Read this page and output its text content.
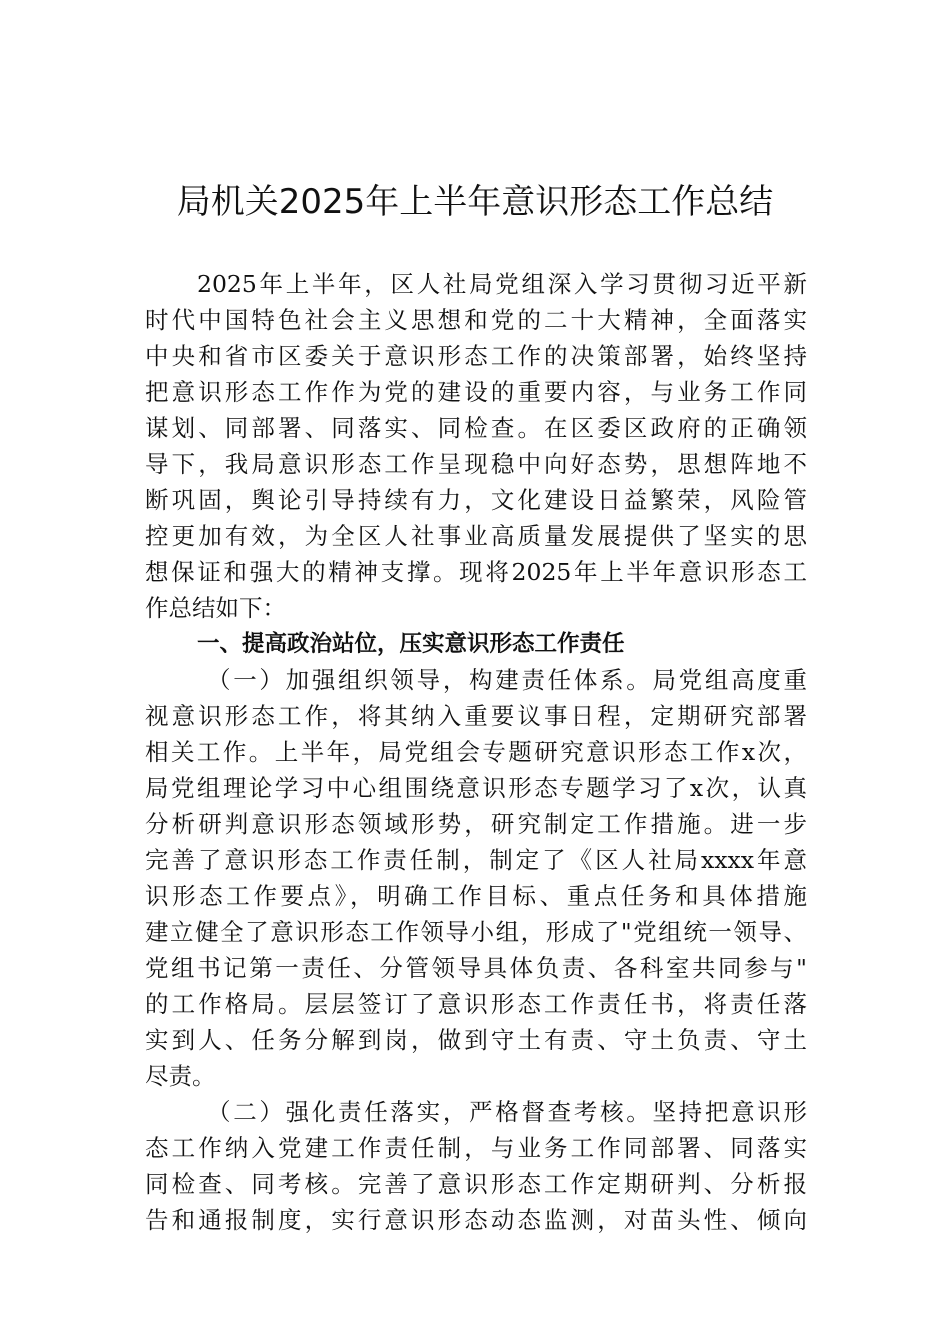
局机关2025年上半年意识形态工作总结
2025年上半年，区人社局党组深入学习贯彻习近平新
时代中国特色社会主义思想和党的二十大精神，全面落实
中央和省市区委关于意识形态工作的决策部署，始终坚持
把意识形态工作作为党的建设的重要内容，与业务工作同
谋划、同部署、同落实、同检查。在区委区政府的正确领
导下，我局意识形态工作呈现稳中向好态势，思想阵地不
断巩固，舆论引导持续有力，文化建设日益繁荣，风险管
控更加有效，为全区人社事业高质量发展提供了坚实的思
想保证和强大的精神支撑。现将2025年上半年意识形态工
作总结如下：
一、提高政治站位，压实意识形态工作责任
（一）加强组织领导，构建责任体系。局党组高度重
视意识形态工作，将其纳入重要议事日程，定期研究部署
相关工作。上半年，局党组会专题研究意识形态工作x次，
局党组理论学习中心组围绕意识形态专题学习了x次，认真
分析研判意识形态领域形势，研究制定工作措施。进一步
完善了意识形态工作责任制，制定了《区人社局xxxx年意
识形态工作要点》，明确工作目标、重点任务和具体措施
建立健全了意识形态工作领导小组，形成了"党组统一领导、
党组书记第一责任、分管领导具体负责、各科室共同参与"
的工作格局。层层签订了意识形态工作责任书，将责任落
实到人、任务分解到岗，做到守土有责、守土负责、守土
尽责。
（二）强化责任落实，严格督查考核。坚持把意识形
态工作纳入党建工作责任制，与业务工作同部署、同落实
同检查、同考核。完善了意识形态工作定期研判、分析报
告和通报制度，实行意识形态动态监测，对苗头性、倾向
